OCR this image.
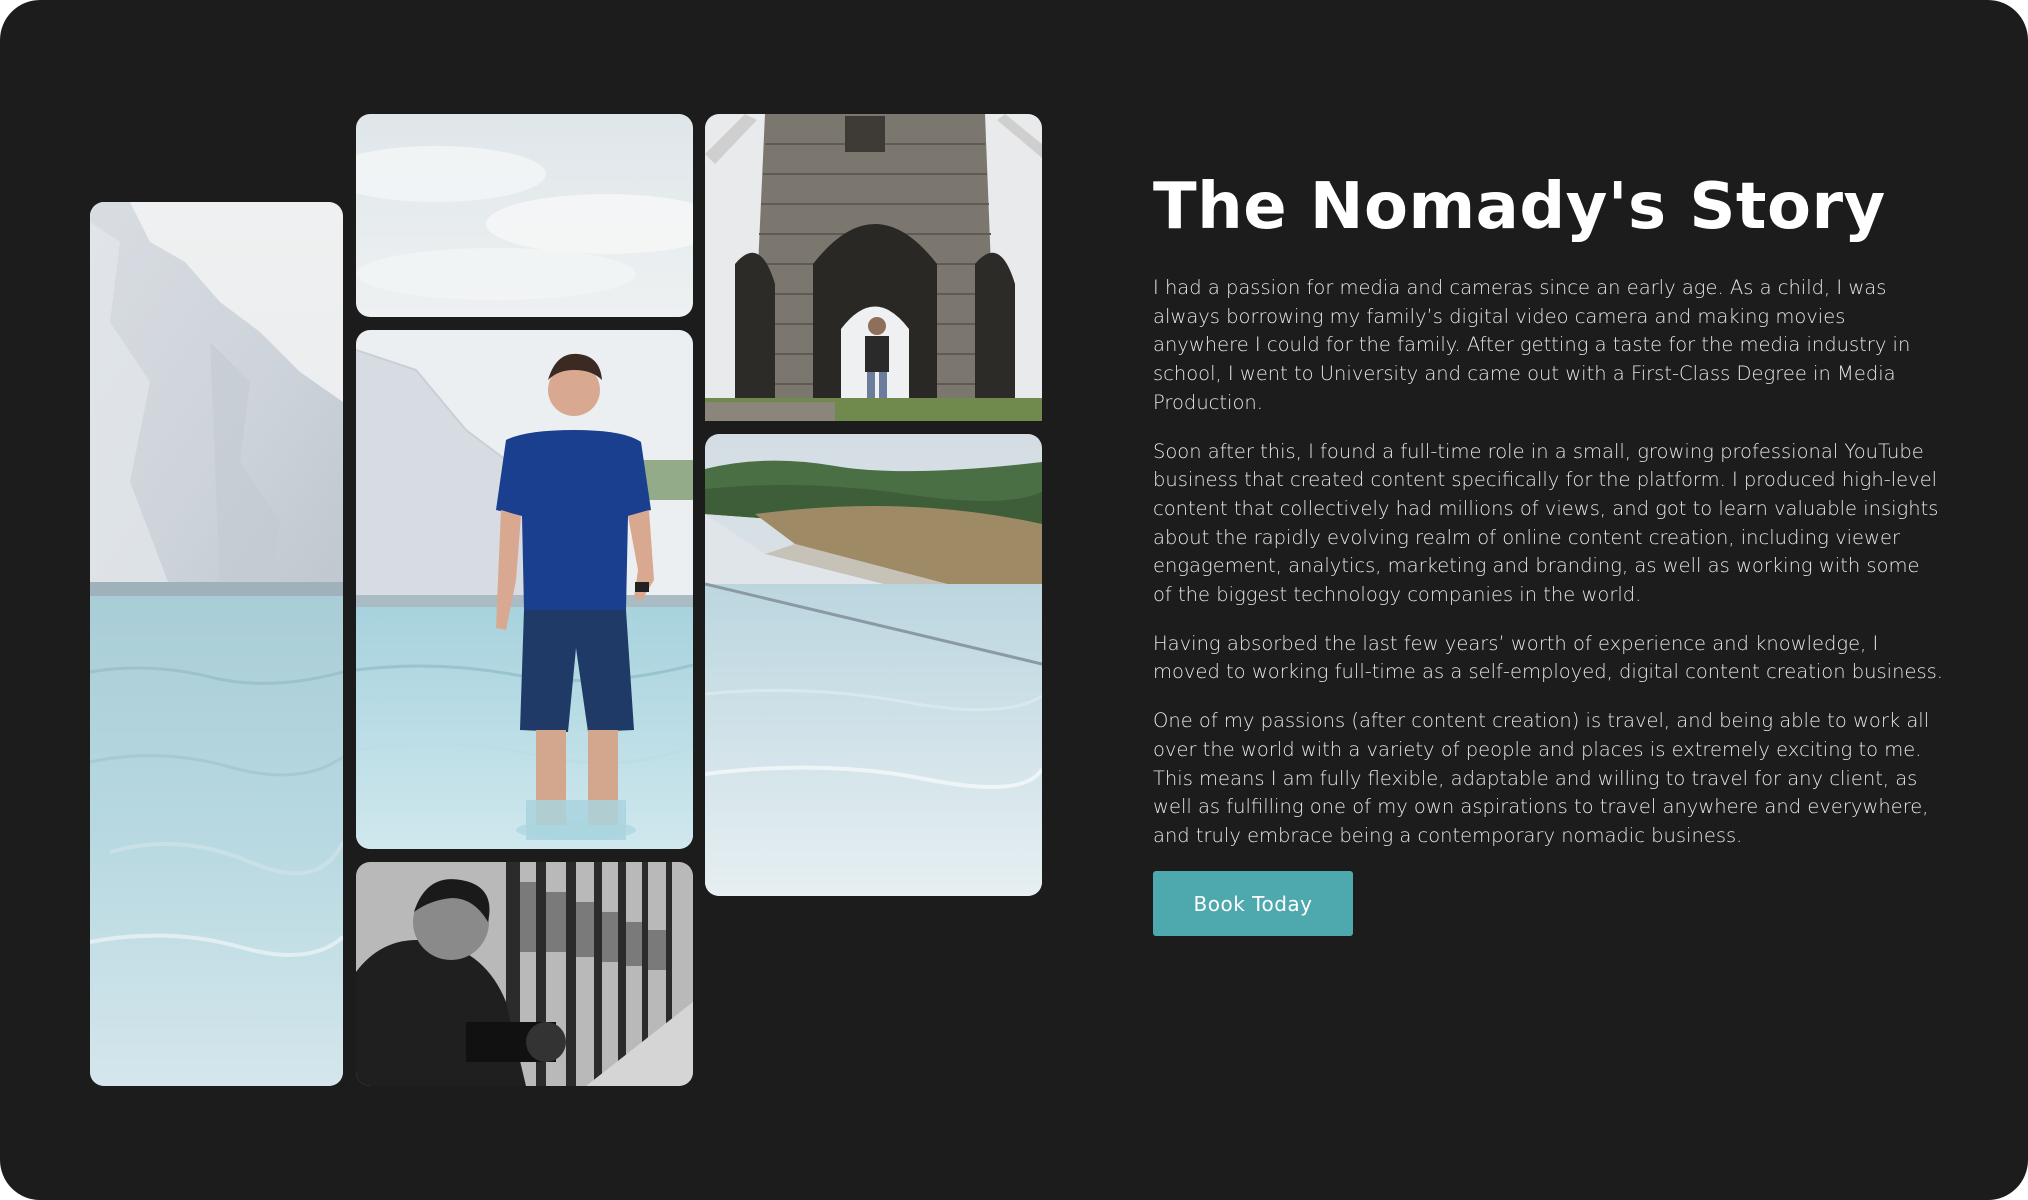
The Nomady's Story

I had a passion for media and cameras since an early age. As a child, I was always borrowing my family’s digital video camera and making movies anywhere I could for the family. After getting a taste for the media industry in school, I went to University and came out with a First-Class Degree in Media Production.

Soon after this, I found a full-time role in a small, growing professional YouTube business that created content specifically for the platform. I produced high-level content that collectively had millions of views, and got to learn valuable insights about the rapidly evolving realm of online content creation, including viewer engagement, analytics, marketing and branding, as well as working with some of the biggest technology companies in the world.

Having absorbed the last few years’ worth of experience and knowledge, I moved to working full-time as a self-employed, digital content creation business.

One of my passions (after content creation) is travel, and being able to work all over the world with a variety of people and places is extremely exciting to me. This means I am fully flexible, adaptable and willing to travel for any client, as well as fulfilling one of my own aspirations to travel anywhere and everywhere, and truly embrace being a contemporary nomadic business.

Book Today
